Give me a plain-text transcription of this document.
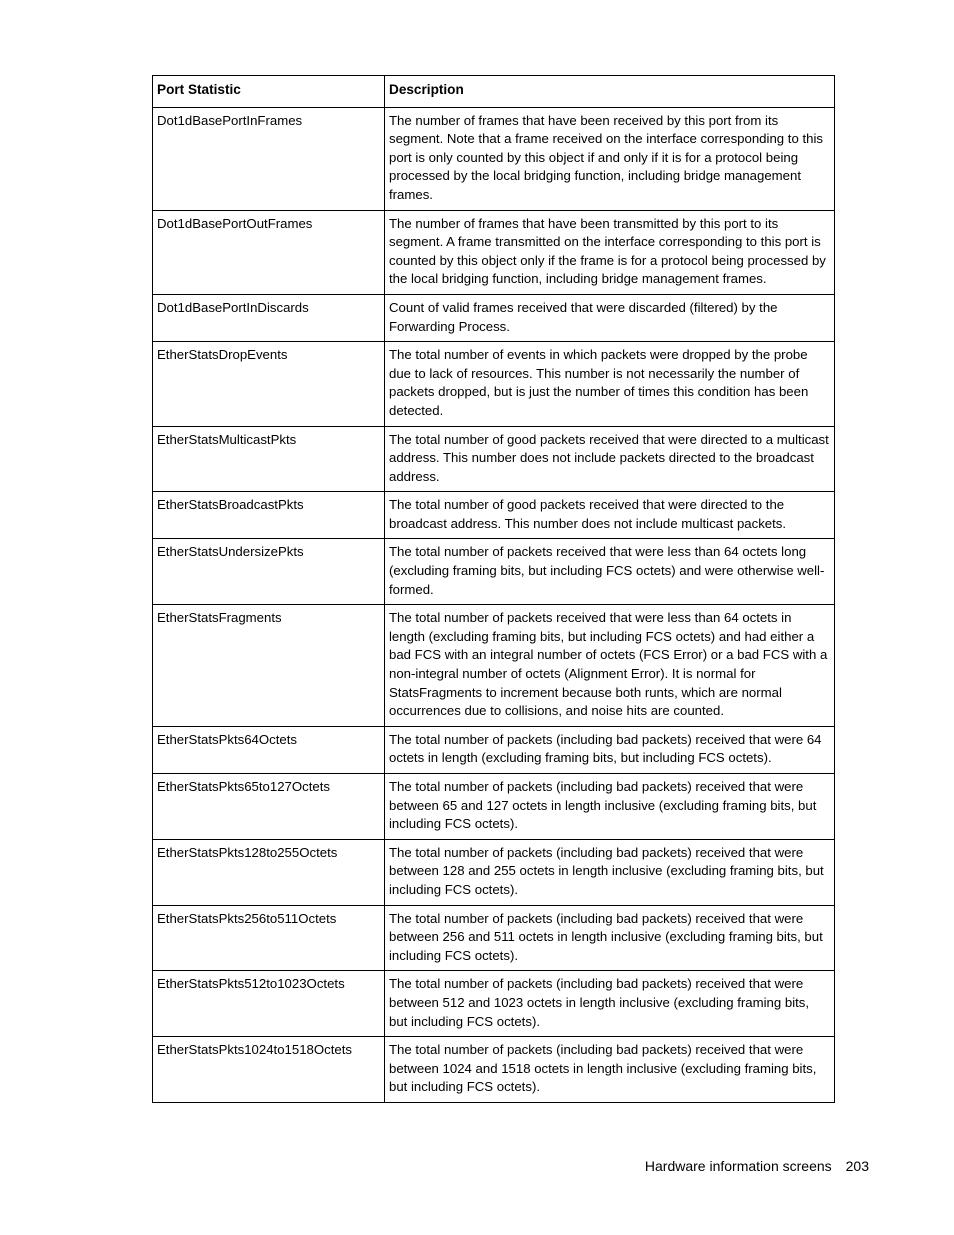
Port Statistic	Description
Dot1dBasePortInFrames	The number of frames that have been received by this port from its segment. Note that a frame received on the interface corresponding to this port is only counted by this object if and only if it is for a protocol being processed by the local bridging function, including bridge management frames.
Dot1dBasePortOutFrames	The number of frames that have been transmitted by this port to its segment. A frame transmitted on the interface corresponding to this port is counted by this object only if the frame is for a protocol being processed by the local bridging function, including bridge management frames.
Dot1dBasePortInDiscards	Count of valid frames received that were discarded (filtered) by the Forwarding Process.
EtherStatsDropEvents	The total number of events in which packets were dropped by the probe due to lack of resources. This number is not necessarily the number of packets dropped, but is just the number of times this condition has been detected.
EtherStatsMulticastPkts	The total number of good packets received that were directed to a multicast address. This number does not include packets directed to the broadcast address.
EtherStatsBroadcastPkts	The total number of good packets received that were directed to the broadcast address. This number does not include multicast packets.
EtherStatsUndersizePkts	The total number of packets received that were less than 64 octets long (excluding framing bits, but including FCS octets) and were otherwise well-formed.
EtherStatsFragments	The total number of packets received that were less than 64 octets in length (excluding framing bits, but including FCS octets) and had either a bad FCS with an integral number of octets (FCS Error) or a bad FCS with a non-integral number of octets (Alignment Error). It is normal for StatsFragments to increment because both runts, which are normal occurrences due to collisions, and noise hits are counted.
EtherStatsPkts64Octets	The total number of packets (including bad packets) received that were 64 octets in length (excluding framing bits, but including FCS octets).
EtherStatsPkts65to127Octets	The total number of packets (including bad packets) received that were between 65 and 127 octets in length inclusive (excluding framing bits, but including FCS octets).
EtherStatsPkts128to255Octets	The total number of packets (including bad packets) received that were between 128 and 255 octets in length inclusive (excluding framing bits, but including FCS octets).
EtherStatsPkts256to511Octets	The total number of packets (including bad packets) received that were between 256 and 511 octets in length inclusive (excluding framing bits, but including FCS octets).
EtherStatsPkts512to1023Octets	The total number of packets (including bad packets) received that were between 512 and 1023 octets in length inclusive (excluding framing bits, but including FCS octets).
EtherStatsPkts1024to1518Octets	The total number of packets (including bad packets) received that were between 1024 and 1518 octets in length inclusive (excluding framing bits, but including FCS octets).
Hardware information screens 203
